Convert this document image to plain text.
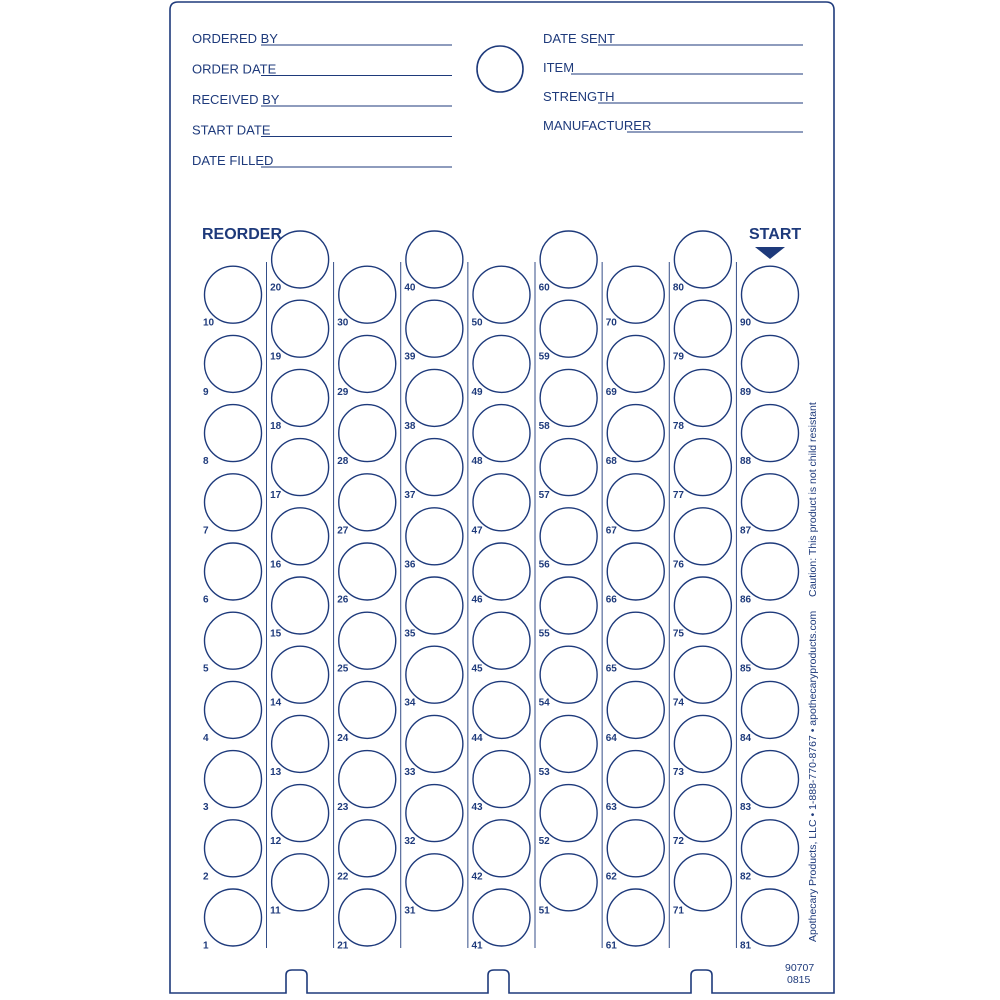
ORDERED BY
ORDER DATE
RECEIVED BY
START DATE
DATE FILLED
DATE SENT
ITEM
STRENGTH
MANUFACTURER
REORDER	START
1
2
3
4
5
6
7
8
9
10
11
12
13
14
15
16
17
18
19
20
21
22
23
24
25
26
27
28
29
30
31
32
33
34
35
36
37
38
39
40
41
42
43
44
45
46
47
48
49
50
51
52
53
54
55
56
57
58
59
60
61
62
63
64
65
66
67
68
69
70
71
72
73
74
75
76
77
78
79
80
81
82
83
84
85
86
87
88
89
90
Caution: This product is not child resistant
Apothecary Products, LLC • 1-888-770-8767 • apothecaryproducts.com
90707
0815
